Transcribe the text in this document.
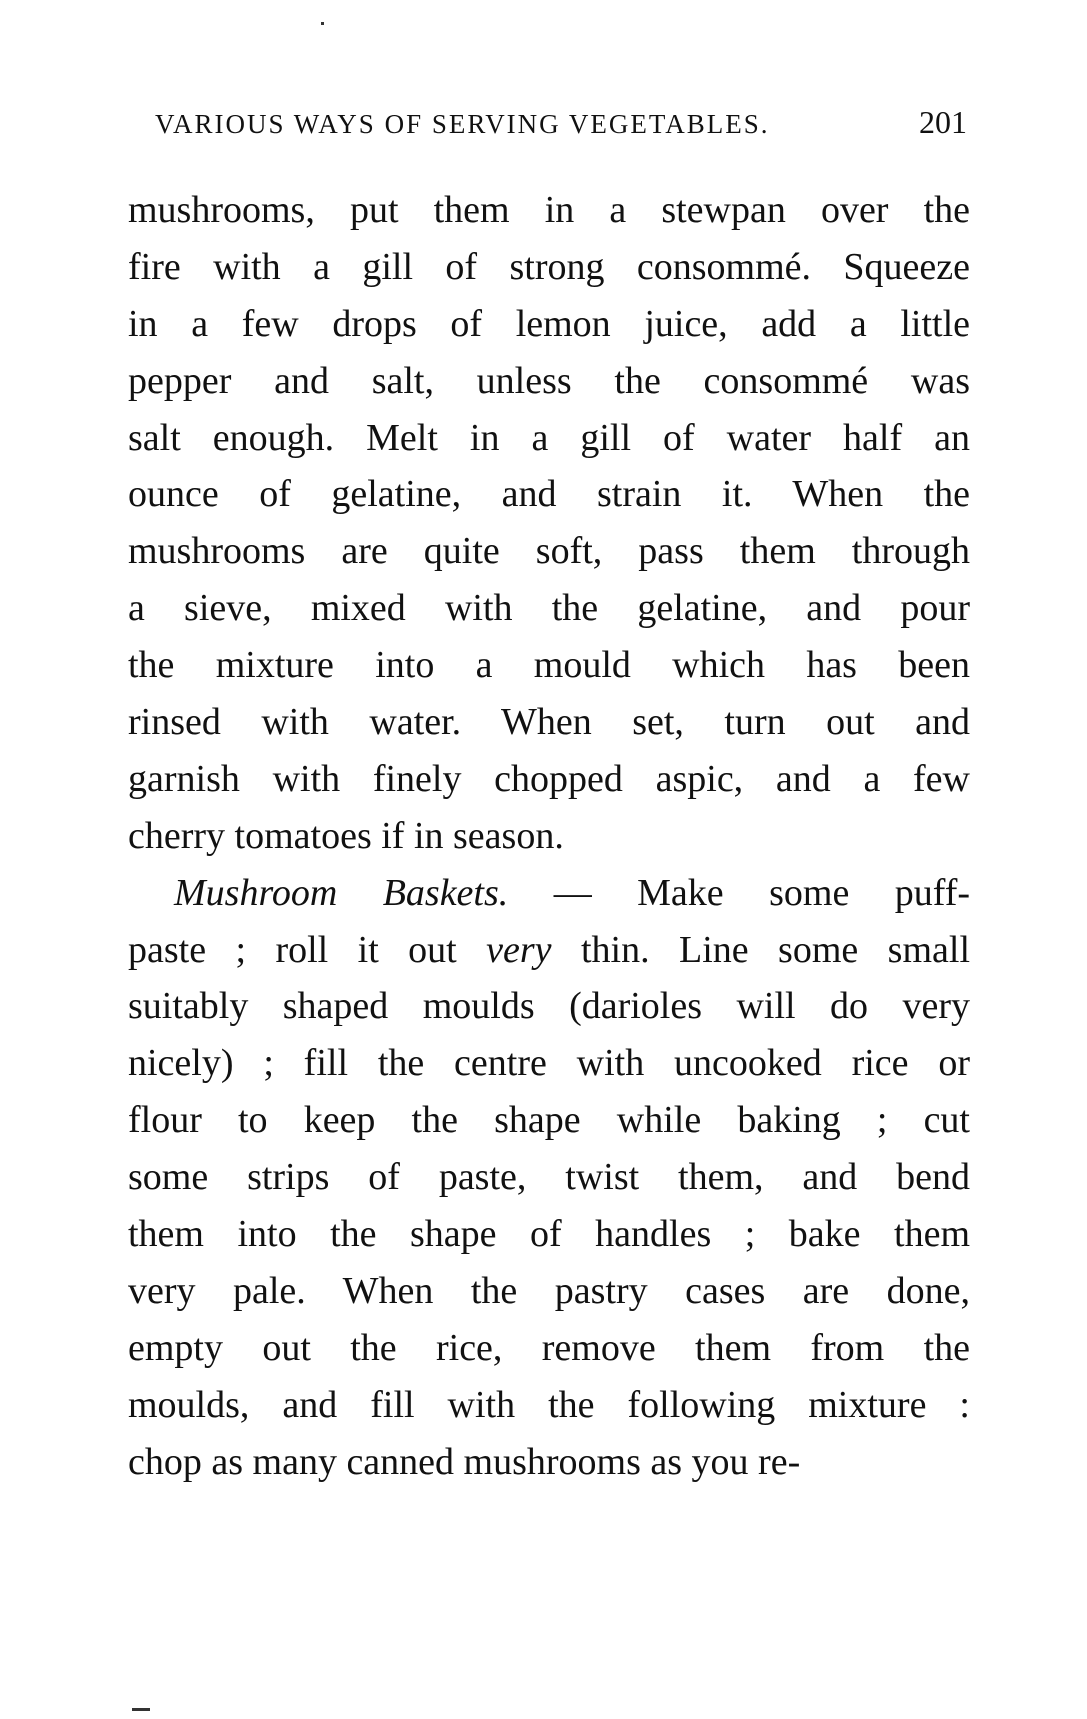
VARIOUS WAYS OF SERVING VEGETABLES.	201
mushrooms, put them in a stewpan over the
fire with a gill of strong consommé. Squeeze
in a few drops of lemon juice, add a little
pepper and salt, unless the consommé was
salt enough. Melt in a gill of water half an
ounce of gelatine, and strain it. When the
mushrooms are quite soft, pass them through
a sieve, mixed with the gelatine, and pour
the mixture into a mould which has been
rinsed with water. When set, turn out and
garnish with finely chopped aspic, and a few
cherry tomatoes if in season.
Mushroom Baskets. — Make some puff-
paste ; roll it out very thin. Line some small
suitably shaped moulds (darioles will do very
nicely) ; fill the centre with uncooked rice or
flour to keep the shape while baking ; cut
some strips of paste, twist them, and bend
them into the shape of handles ; bake them
very pale. When the pastry cases are done,
empty out the rice, remove them from the
moulds, and fill with the following mixture :
chop as many canned mushrooms as you re-
